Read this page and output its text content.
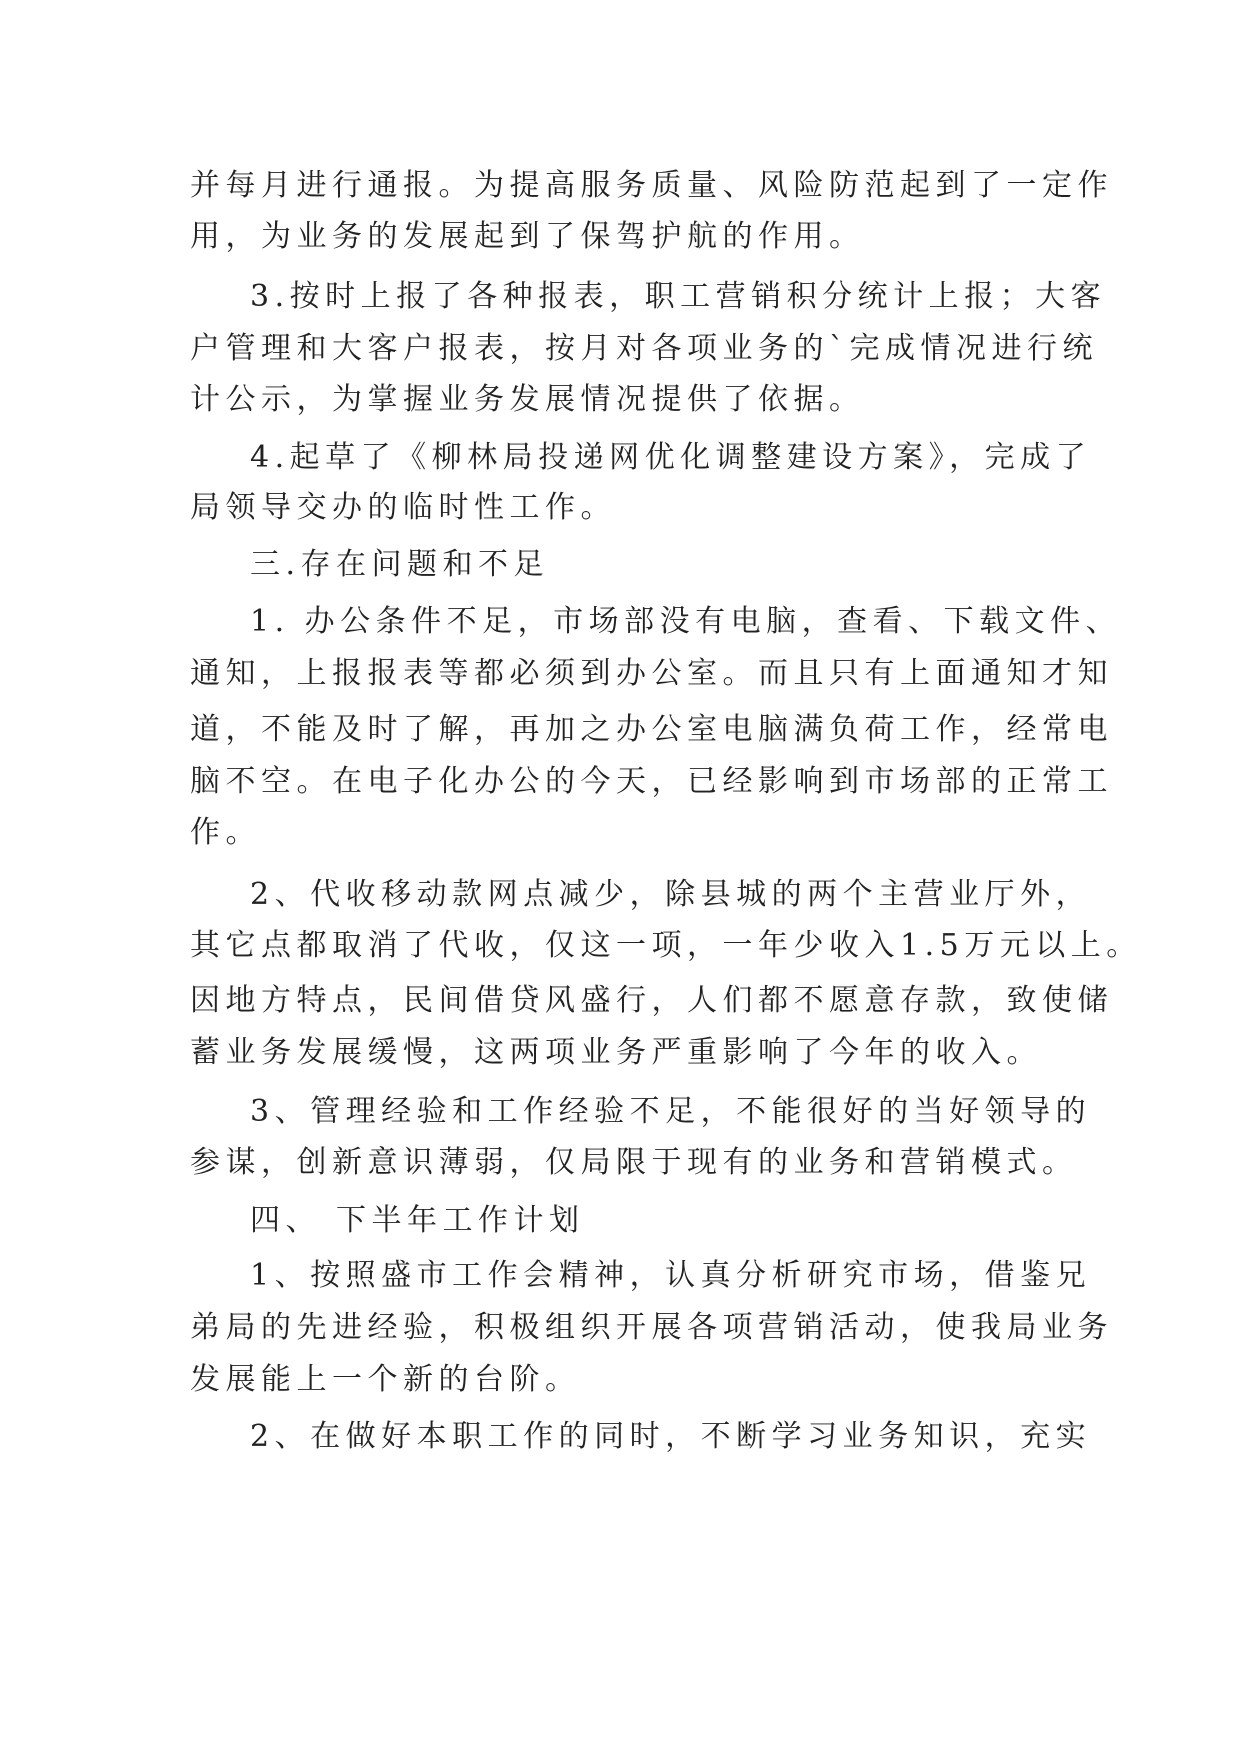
并每月进行通报。为提高服务质量、风险防范起到了一定作
用，为业务的发展起到了保驾护航的作用。
3.按时上报了各种报表，职工营销积分统计上报；大客
户管理和大客户报表，按月对各项业务的`完成情况进行统
计公示，为掌握业务发展情况提供了依据。
4.起草了《柳林局投递网优化调整建设方案》，完成了
局领导交办的临时性工作。
三.存在问题和不足
1. 办公条件不足，市场部没有电脑，查看、下载文件、
通知，上报报表等都必须到办公室。而且只有上面通知才知
道，不能及时了解，再加之办公室电脑满负荷工作，经常电
脑不空。在电子化办公的今天，已经影响到市场部的正常工
作。
2、代收移动款网点减少，除县城的两个主营业厅外，
其它点都取消了代收，仅这一项，一年少收入1.5万元以上。
因地方特点，民间借贷风盛行，人们都不愿意存款，致使储
蓄业务发展缓慢，这两项业务严重影响了今年的收入。
3、管理经验和工作经验不足，不能很好的当好领导的
参谋，创新意识薄弱，仅局限于现有的业务和营销模式。
四、 下半年工作计划
1、按照盛市工作会精神，认真分析研究市场，借鉴兄
弟局的先进经验，积极组织开展各项营销活动，使我局业务
发展能上一个新的台阶。
2、在做好本职工作的同时，不断学习业务知识，充实
